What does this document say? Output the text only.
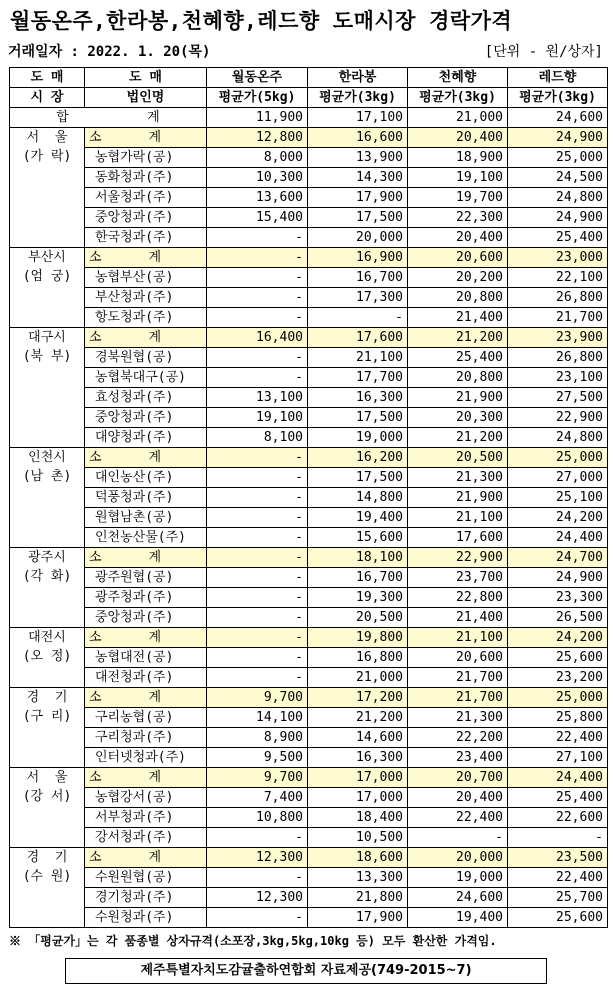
월동온주,한라봉,천혜향,레드향 도매시장 경락가격
거래일자 : 2022. 1. 20(목)	[단위 - 원/상자]
도 매	도 매	월동온주	한라봉	천혜향	레드향
시 장	법인명	평균가(5kg)	평균가(3kg)	평균가(3kg)	평균가(3kg)
합          계		11,900	17,100	21,000	24,600

서  울
(가 락)	소      계	12,800	16,600	20,400	24,900
	농협가락(공)	8,000	13,900	18,900	25,000
	동화청과(주)	10,300	14,300	19,100	24,500
	서울청과(주)	13,600	17,900	19,700	24,800
	중앙청과(주)	15,400	17,500	22,300	24,900
	한국청과(주)	-	20,000	20,400	25,400

부산시
(엄 궁)	소      계	-	16,900	20,600	23,000
	농협부산(공)	-	16,700	20,200	22,100
	부산청과(주)	-	17,300	20,800	26,800
	항도청과(주)	-	-	21,400	21,700

대구시
(북 부)	소      계	16,400	17,600	21,200	23,900
	경북원협(공)	-	21,100	25,400	26,800
	농협북대구(공)	-	17,700	20,800	23,100
	효성청과(주)	13,100	16,300	21,900	27,500
	중앙청과(주)	19,100	17,500	20,300	22,900
	대양청과(주)	8,100	19,000	21,200	24,800

인천시
(남 촌)	소      계	-	16,200	20,500	25,000
	대인농산(주)	-	17,500	21,300	27,000
	덕풍청과(주)	-	14,800	21,900	25,100
	원협남촌(공)	-	19,400	21,100	24,200
	인천농산물(주)	-	15,600	17,600	24,400

광주시
(각 화)	소      계	-	18,100	22,900	24,700
	광주원협(공)	-	16,700	23,700	24,900
	광주청과(주)	-	19,300	22,800	23,300
	중앙청과(주)	-	20,500	21,400	26,500

대전시
(오 정)	소      계	-	19,800	21,100	24,200
	농협대전(공)	-	16,800	20,600	25,600
	대전청과(주)	-	21,000	21,700	23,200

경  기
(구 리)	소      계	9,700	17,200	21,700	25,000
	구리농협(공)	14,100	21,200	21,300	25,800
	구리청과(주)	8,900	14,600	22,200	22,400
	인터넷청과(주)	9,500	16,300	23,400	27,100

서  울
(강 서)	소      계	9,700	17,000	20,700	24,400
	농협강서(공)	7,400	17,000	20,400	25,400
	서부청과(주)	10,800	18,400	22,400	22,600
	강서청과(주)	-	10,500	-	-

경  기
(수 원)	소      계	12,300	18,600	20,000	23,500
	수원원협(공)	-	13,300	19,000	22,400
	경기청과(주)	12,300	21,800	24,600	25,700
	수원청과(주)	-	17,900	19,400	25,600
※ 「평균가」는 각 품종별 상자규격(소포장,3kg,5kg,10kg 등) 모두 환산한 가격임.
제주특별자치도감귤출하연합회 자료제공(749-2015~7)
